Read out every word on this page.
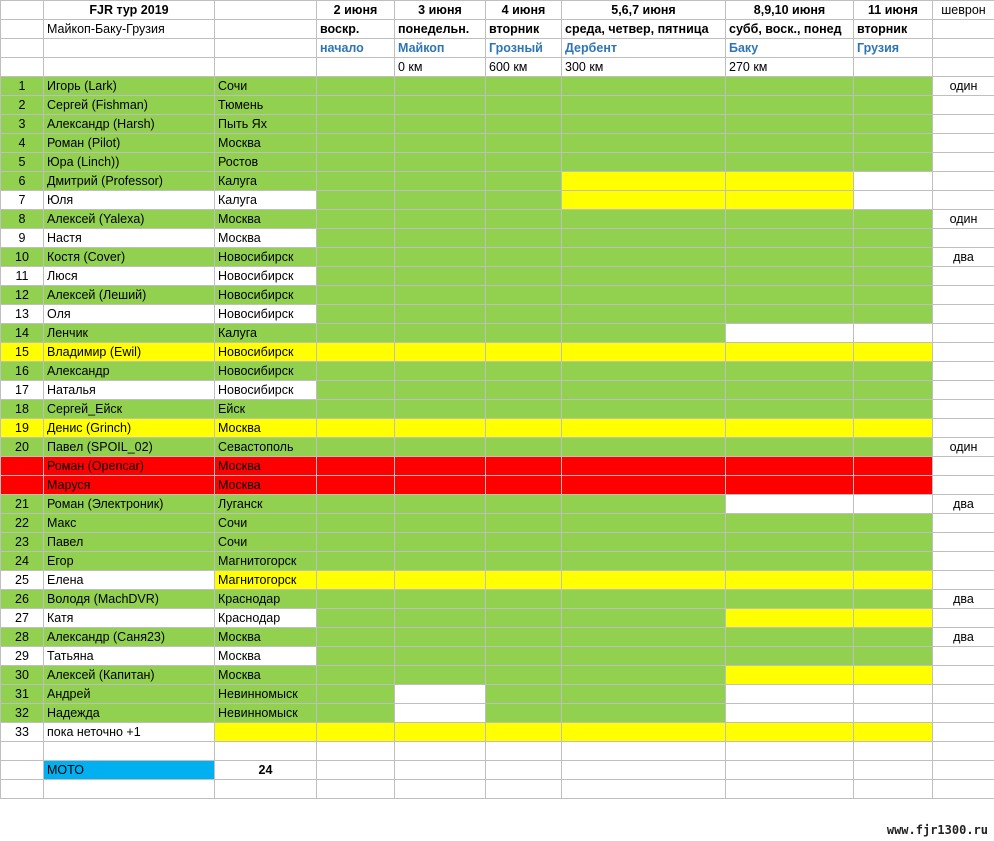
	FJR тур 2019		2 июня	3 июня	4 июня	5,6,7 июня	8,9,10 июня	11 июня	шеврон
	Майкоп-Баку-Грузия		воскр.	понедельн.	вторник	среда, четвер, пятница	субб, воск., понед	вторник	
			начало	Майкоп	Грозный	Дербент	Баку	Грузия	
				0 км	600 км	300 км	270 км		
1	Игорь (Lark)	Сочи							один
2	Сергей (Fishman)	Тюмень							
3	Александр (Harsh)	Пыть Ях							
4	Роман (Pilot)	Москва							
5	Юра (Linch))	Ростов							
6	Дмитрий (Professor)	Калуга							
7	Юля	Калуга							
8	Алексей (Yalexa)	Москва							один
9	Настя	Москва							
10	Костя (Cover)	Новосибирск							два
11	Люся	Новосибирск							
12	Алексей (Леший)	Новосибирск							
13	Оля	Новосибирск							
14	Ленчик	Калуга							
15	Владимир (Ewil)	Новосибирск							
16	Александр	Новосибирск							
17	Наталья	Новосибирск							
18	Сергей_Ейск	Ейск							
19	Денис (Grinch)	Москва							
20	Павел (SPOIL_02)	Севастополь							один
	Роман (Opencar)	Москва							
	Маруся	Москва							
21	Роман (Электроник)	Луганск							два
22	Макс	Сочи							
23	Павел	Сочи							
24	Егор	Магнитогорск							
25	Елена	Магнитогорск							
26	Володя (MachDVR)	Краснодар							два
27	Катя	Краснодар							
28	Александр (Саня23)	Москва							два
29	Татьяна	Москва							
30	Алексей (Капитан)	Москва							
31	Андрей	Невинномыск							
32	Надежда	Невинномыск							
33	пока неточно +1								

	МОТО	24							

www.fjr1300.ru
